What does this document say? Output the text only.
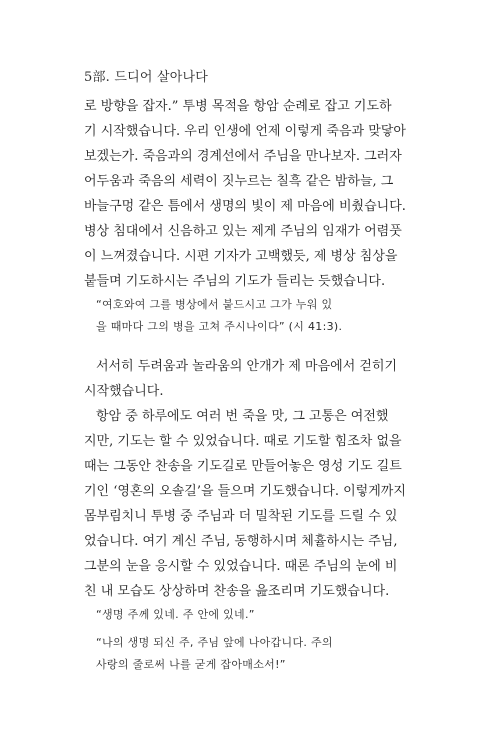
5部. 드디어 살아나다
로 방향을 잡자.” 투병 목적을 항암 순례로 잡고 기도하
기 시작했습니다. 우리 인생에 언제 이렇게 죽음과 맞닿아
보겠는가. 죽음과의 경계선에서 주님을 만나보자. 그러자
어두움과 죽음의 세력이 짓누르는 칠흑 같은 밤하늘, 그
바늘구멍 같은 틈에서 생명의 빛이 제 마음에 비췄습니다.
병상 침대에서 신음하고 있는 제게 주님의 임재가 어렴풋
이 느껴졌습니다. 시편 기자가 고백했듯, 제 병상 침상을
붙들며 기도하시는 주님의 기도가 들리는 듯했습니다.
“여호와여 그를 병상에서 붙드시고 그가 누워 있
을 때마다 그의 병을 고쳐 주시나이다” (시 41:3).
서서히 두려움과 놀라움의 안개가 제 마음에서 걷히기
시작했습니다.
항암 중 하루에도 여러 번 죽을 맛, 그 고통은 여전했
지만, 기도는 할 수 있었습니다. 때로 기도할 힘조차 없을
때는 그동안 찬송을 기도길로 만들어놓은 영성 기도 길트
기인 ‘영혼의 오솔길’을 들으며 기도했습니다. 이렇게까지
몸부림치니 투병 중 주님과 더 밀착된 기도를 드릴 수 있
었습니다. 여기 계신 주님, 동행하시며 체휼하시는 주님,
그분의 눈을 응시할 수 있었습니다. 때론 주님의 눈에 비
친 내 모습도 상상하며 찬송을 읊조리며 기도했습니다.
“생명 주께 있네. 주 안에 있네.”
“나의 생명 되신 주, 주님 앞에 나아갑니다. 주의
사랑의 줄로써 나를 굳게 잡아매소서!”
